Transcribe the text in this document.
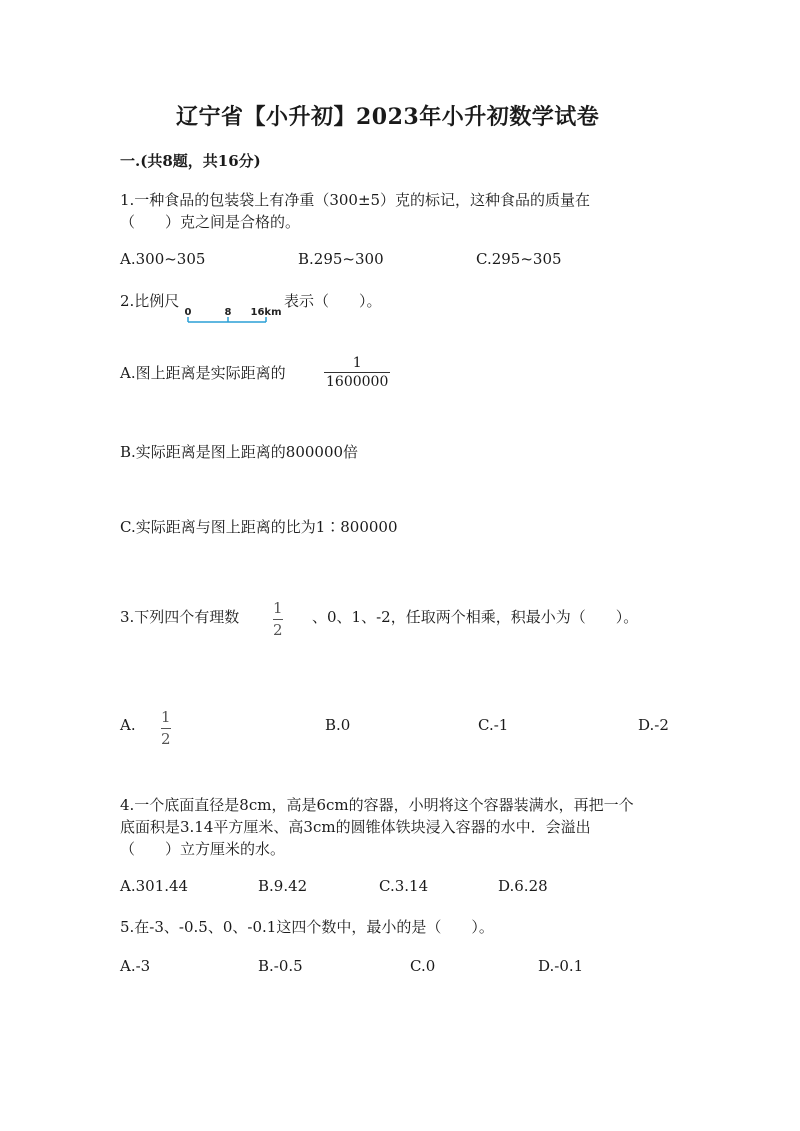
辽宁省【小升初】2023年小升初数学试卷
一.(共8题，共16分)
1.一种食品的包装袋上有净重（300±5）克的标记，这种食品的质量在
（　　）克之间是合格的。
A.300~305	B.295~300	C.295~305
2.比例尺
0	8 16km
表示（　　）。
A.图上距离是实际距离的
1
1600000
B.实际距离是图上距离的800000倍
C.实际距离与图上距离的比为1∶800000
3.下列四个有理数 1
2
、0、1、-2，任取两个相乘，积最小为（　　）。
A. 1
2
B.0	C.-1	D.-2
4.一个底面直径是8cm，高是6cm的容器，小明将这个容器装满水，再把一个
底面积是3.14平方厘米、高3cm的圆锥体铁块浸入容器的水中．会溢出
（　　）立方厘米的水。
A.301.44	B.9.42	C.3.14	D.6.28
5.在-3、-0.5、0、-0.1这四个数中，最小的是（　　）。
A.-3	B.-0.5	C.0	D.-0.1
